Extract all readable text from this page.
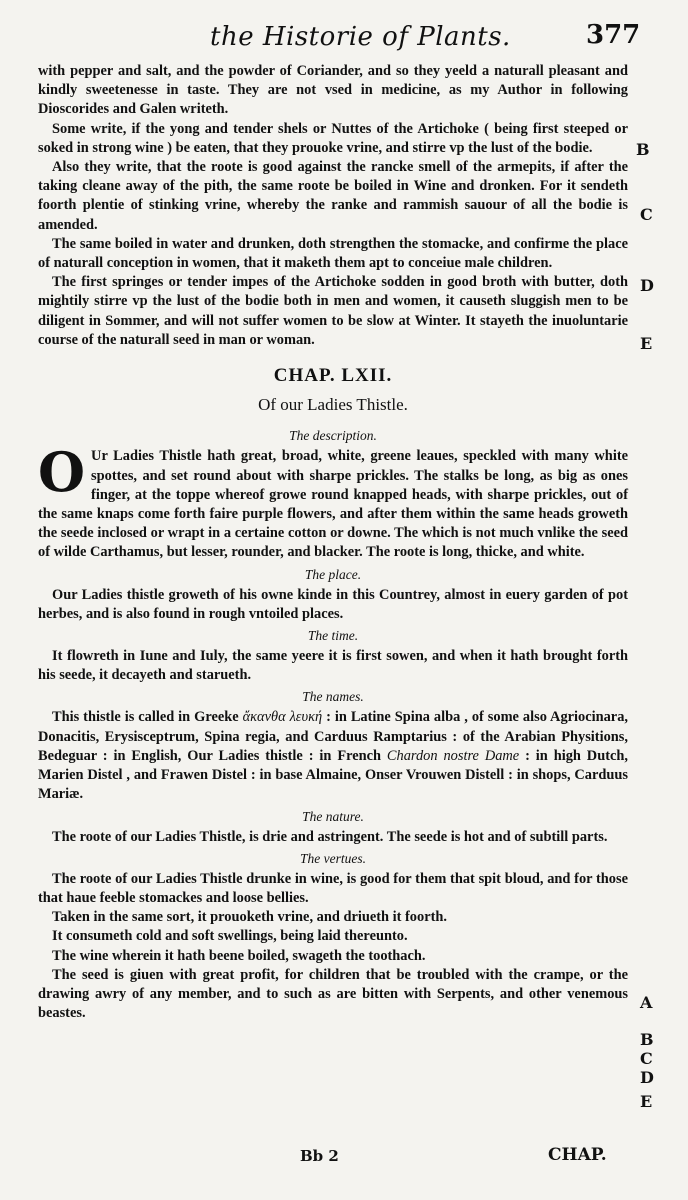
the Historie of Plants.	377

with pepper and salt, and the powder of Coriander, and so they yeeld a naturall pleasant and kindly sweetenesse in taste. They are not vsed in medicine, as my Author in following Dioscorides and Galen writeth.

Some write, if the yong and tender shels or Nuttes of the Artichoke ( being first steeped or soked in strong wine ) be eaten, that they prouoke vrine, and stirre vp the lust of the bodie.

Also they write, that the roote is good against the rancke smell of the armepits, if after the taking cleane away of the pith, the same roote be boiled in Wine and dronken. For it sendeth foorth plentie of stinking vrine, whereby the ranke and rammish sauour of all the bodie is amended.

The same boiled in water and drunken, doth strengthen the stomacke, and confirme the place of naturall conception in women, that it maketh them apt to conceiue male children.

The first springes or tender impes of the Artichoke sodden in good broth with butter, doth mightily stirre vp the lust of the bodie both in men and women, it causeth sluggish men to be diligent in Sommer, and will not suffer women to be slow at Winter. It stayeth the inuoluntarie course of the naturall seed in man or woman.

CHAP. LXII.
Of our Ladies Thistle.
The description.

O Ur Ladies Thistle hath great, broad, white, greene leaues, speckled with many white spottes, and set round about with sharpe prickles. The stalks be long, as big as ones finger, at the toppe whereof growe round knapped heads, with sharpe prickles, out of the same knaps come forth faire purple flowers, and after them within the same heads groweth the seede inclosed or wrapt in a certaine cotton or downe. The which is not much vnlike the seed of wilde Carthamus, but lesser, rounder, and blacker. The roote is long, thicke, and white.

The place.

Our Ladies thistle groweth of his owne kinde in this Countrey, almost in euery garden of pot herbes, and is also found in rough vntoiled places.

The time.

It flowreth in Iune and Iuly, the same yeere it is first sowen, and when it hath brought forth his seede, it decayeth and starueth.

The names.

This thistle is called in Greeke ἄκανθα λευκή : in Latine Spina alba , of some also Agriocinara, Donacitis, Erysisceptrum, Spina regia, and Carduus Ramptarius : of the Arabian Physitions, Bedeguar : in English, Our Ladies thistle : in French Chardon nostre Dame : in high Dutch, Marien Distel , and Frawen Distel : in base Almaine, Onser Vrouwen Distell : in shops, Carduus Mariæ.

The nature.

The roote of our Ladies Thistle, is drie and astringent. The seede is hot and of subtill parts.

The vertues.

The roote of our Ladies Thistle drunke in wine, is good for them that spit bloud, and for those that haue feeble stomackes and loose bellies.

Taken in the same sort, it prouoketh vrine, and driueth it foorth.

It consumeth cold and soft swellings, being laid thereunto.

The wine wherein it hath beene boiled, swageth the toothach.

The seed is giuen with great profit, for children that be troubled with the crampe, or the drawing awry of any member, and to such as are bitten with Serpents, and other venemous beastes.

B
C
D
E
A
B
C
D
E
Bb 2	CHAP.
